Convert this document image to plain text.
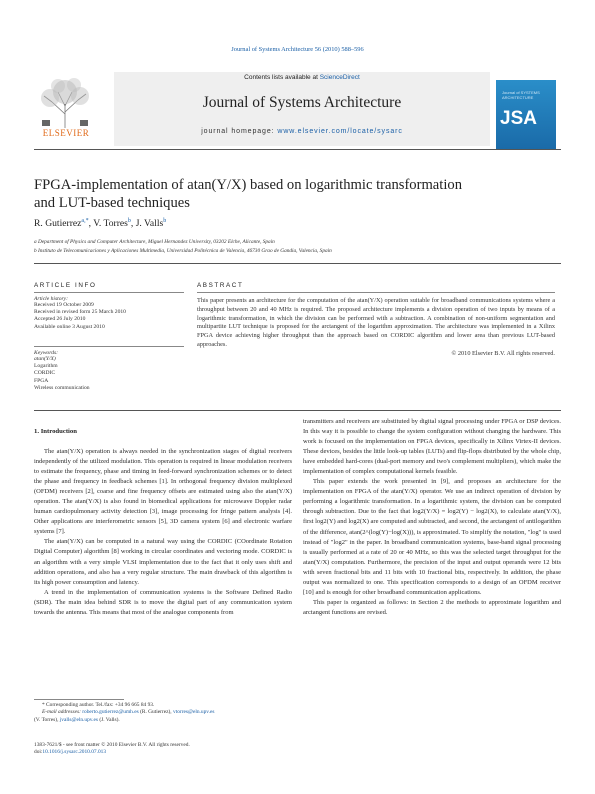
Journal of Systems Architecture 56 (2010) 588–596
ELSEVIER
Contents lists available at ScienceDirect
Journal of Systems Architecture
journal homepage: www.elsevier.com/locate/sysarc
Journal of SYSTEMS ARCHITECTURE
JSA
FPGA-implementation of atan(Y/X) based on logarithmic transformation
and LUT-based techniques
R. Gutierrez$^{a,*}$, V. Torres$^b$, J. Valls$^b$
a Department of Physics and Computer Architecture, Miguel Hernandez University, 03202 Elche, Alicante, Spain
b Instituto de Telecomunicaciones y Aplicaciones Multimedia, Universidad Politécnica de Valencia, 46730 Grao de Gandia, Valencia, Spain
ARTICLE INFO
Article history:
Received 19 October 2009
Received in revised form 25 March 2010
Accepted 26 July 2010
Available online 3 August 2010
Keywords:
atan(Y/X)
Logarithm
CORDIC
FPGA
Wireless communication
ABSTRACT
This paper presents an architecture for the computation of the atan(Y/X) operation suitable for broadband communications systems where a throughput between 20 and 40 MHz is required. The proposed architecture implements a division operation of two inputs by means of a logarithmic transformation, in which the division can be performed with a subtraction. A combination of non-uniform segmentation and multipartite LUT technique is proposed for the arctangent of the logarithm approximation. The architecture was implemented in a Xilinx FPGA device achieving higher throughput than the approach based on CORDIC algorithm and lower area than previous LUT-based approaches.
© 2010 Elsevier B.V. All rights reserved.
1. Introduction

The atan(Y/X) operation is always needed in the synchronization stages of digital receivers independently of the utilized modulation. This operation is required in linear modulation receivers to estimate the frequency, phase and timing in feed-forward synchronization schemes or to detect the phase and frequency in feedback schemes [1]. In orthogonal frequency division multiplexed (OFDM) receivers [2], coarse and fine frequency offsets are estimated using also the atan(Y/X) operation. The atan(Y/X) is also found in biomedical applications for microwave Doppler radar human cardiopulmonary activity detection [3], image processing for fringe pattern analysis [4]. Other applications are interferometric sensors [5], 3D camera system [6] and electronic warfare systems [7].

The atan(Y/X) can be computed in a natural way using the CORDIC (COordinate Rotation Digital Computer) algorithm [8] working in circular coordinates and vectoring mode. CORDIC is an algorithm with a very simple VLSI implementation due to the fact that it only uses shift and addition operations, and also has a very regular structure. The main drawback of this algorithm is its high power consumption and latency.

A trend in the implementation of communication systems is the Software Defined Radio (SDR). The main idea behind SDR is to move the digital part of any communication system towards the antenna. This means that most of the analogue components from

transmitters and receivers are substituted by digital signal processing under FPGA or DSP devices. In this way it is possible to change the system configuration without changing the hardware. This work is focused on the implementation on FPGA devices, specifically in Xilinx Virtex-II devices. These devices, besides the little look-up tables (LUTs) and flip-flops distributed by the whole chip, have embedded hard-cores (dual-port memory and two's complement multipliers), which make the implementation of complex computational kernels feasible.

This paper extends the work presented in [9], and proposes an architecture for the implementation on FPGA of the atan(Y/X) operator. We use an indirect operation of division by performing a logarithmic transformation. In a logarithmic system, the division can be computed through subtraction. Due to the fact that log2(Y/X) = log2(Y) − log2(X), to calculate atan(Y/X), first log2(Y) and log2(X) are computed and subtracted, and second, the arctangent of antilogarithm of the difference, atan(2^(log(Y)−log(X))), is approximated. To simplify the notation, "log" is used instead of "log2" in the paper. In broadband communication systems, base-band signal processing is usually performed at a rate of 20 or 40 MHz, so this was the selected target throughput for the atan(Y/X) computation. Furthermore, the precision of the input and output operands were 12 bits with seven fractional bits and 11 bits with 10 fractional bits, respectively. In addition, the phase output was normalized to one. This specification corresponds to a design of an OFDM receiver [10] and is enough for other broadband communication applications.

This paper is organized as follows: in Section 2 the methods to approximate logarithm and arctangent functions are revised.

* Corresponding author. Tel./fax: +34 96 665 84 93.
E-mail addresses: roberto.gutierrez@umh.es (R. Gutierrez), vtorres@eln.upv.es
(V. Torres), jvalls@eln.upv.es (J. Valls).
1383-7621/$ - see front matter © 2010 Elsevier B.V. All rights reserved.
doi:10.1016/j.sysarc.2010.07.013
